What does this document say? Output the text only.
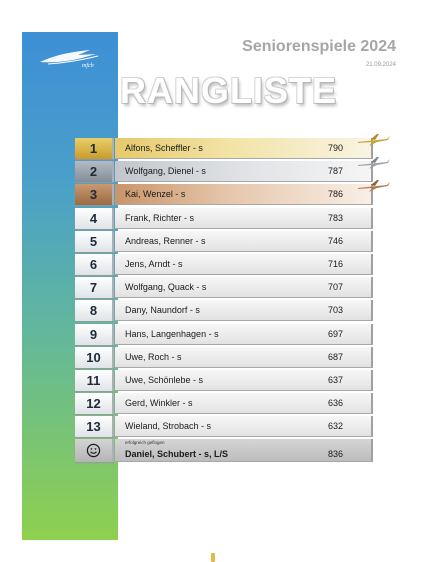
mfcb
Seniorenspiele 2024
21.09.2024
RANGLISTE
1	Alfons, Scheffler - s	790
2	Wolfgang, Dienel - s	787
3	Kai, Wenzel - s	786
4	Frank, Richter - s	783
5	Andreas, Renner - s	746
6	Jens, Arndt - s	716
7	Wolfgang, Quack - s	707
8	Dany, Naundorf - s	703
9	Hans, Langenhagen - s	697
10	Uwe, Roch - s	687
11	Uwe, Schönlebe - s	637
12	Gerd, Winkler - s	636
13	Wieland, Strobach - s	632
erfolgreich geflogen
Daniel, Schubert - s, L/S	836
